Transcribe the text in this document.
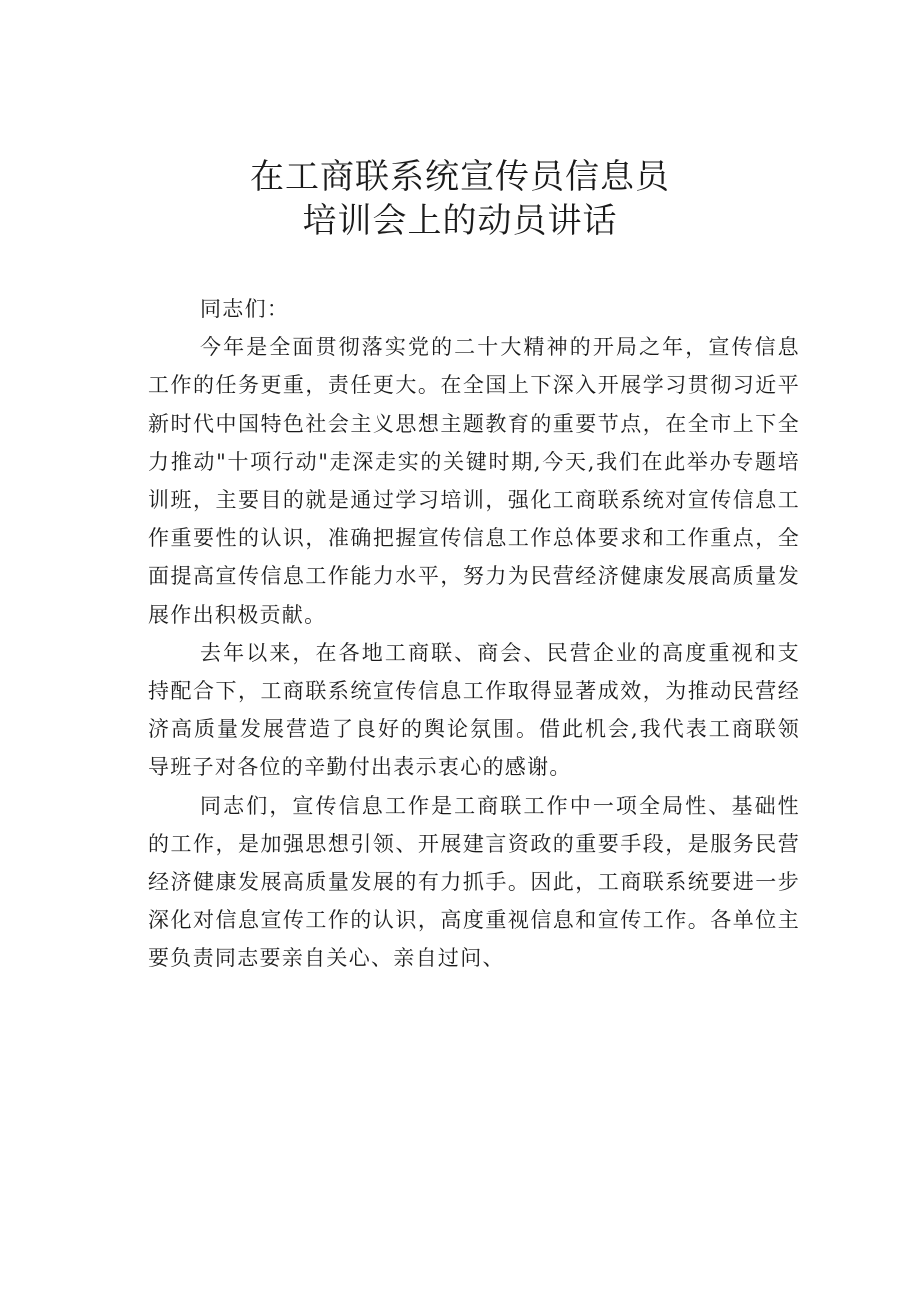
在工商联系统宣传员信息员
培训会上的动员讲话

同志们：

今年是全面贯彻落实党的二十大精神的开局之年，宣传信息工作的任务更重，责任更大。在全国上下深入开展学习贯彻习近平新时代中国特色社会主义思想主题教育的重要节点，在全市上下全力推动"十项行动"走深走实的关键时期,今天,我们在此举办专题培训班，主要目的就是通过学习培训，强化工商联系统对宣传信息工作重要性的认识，准确把握宣传信息工作总体要求和工作重点，全面提高宣传信息工作能力水平，努力为民营经济健康发展高质量发展作出积极贡献。

去年以来，在各地工商联、商会、民营企业的高度重视和支持配合下，工商联系统宣传信息工作取得显著成效，为推动民营经济高质量发展营造了良好的舆论氛围。借此机会,我代表工商联领导班子对各位的辛勤付出表示衷心的感谢。

同志们，宣传信息工作是工商联工作中一项全局性、基础性的工作，是加强思想引领、开展建言资政的重要手段，是服务民营经济健康发展高质量发展的有力抓手。因此，工商联系统要进一步深化对信息宣传工作的认识，高度重视信息和宣传工作。各单位主要负责同志要亲自关心、亲自过问、
